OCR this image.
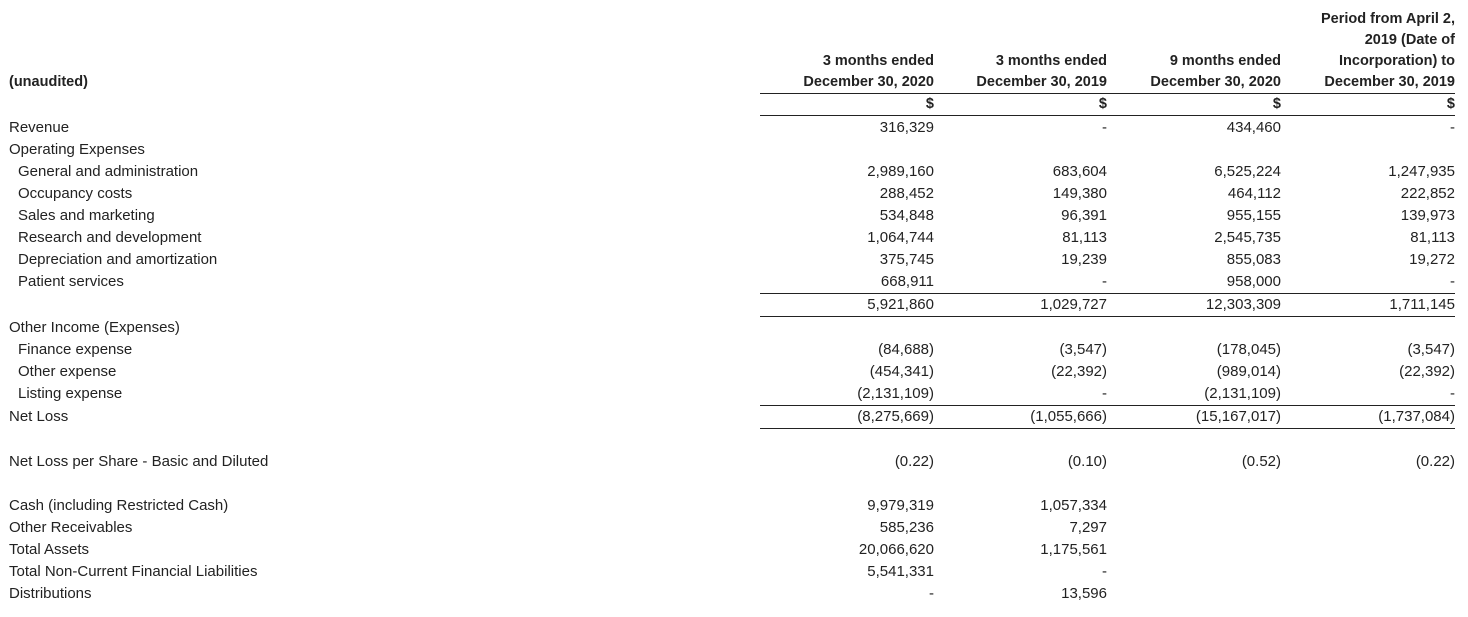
(unaudited)
3 months ended
December 30, 2020
3 months ended
December 30, 2019
9 months ended
December 30, 2020
Period from April 2,
2019 (Date of
Incorporation) to
December 30, 2019
$	$	$	$
Revenue	316,329	-	434,460	-
Operating Expenses
General and administration	2,989,160	683,604	6,525,224	1,247,935
Occupancy costs	288,452	149,380	464,112	222,852
Sales and marketing	534,848	96,391	955,155	139,973
Research and development	1,064,744	81,113	2,545,735	81,113
Depreciation and amortization	375,745	19,239	855,083	19,272
Patient services	668,911	-	958,000	-
5,921,860	1,029,727	12,303,309	1,711,145
Other Income (Expenses)
Finance expense	(84,688)	(3,547)	(178,045)	(3,547)
Other expense	(454,341)	(22,392)	(989,014)	(22,392)
Listing expense	(2,131,109)	-	(2,131,109)	-
Net Loss	(8,275,669)	(1,055,666)	(15,167,017)	(1,737,084)
Net Loss per Share - Basic and Diluted	(0.22)	(0.10)	(0.52)	(0.22)
Cash (including Restricted Cash)	9,979,319	1,057,334
Other Receivables	585,236	7,297
Total Assets	20,066,620	1,175,561
Total Non-Current Financial Liabilities	5,541,331	-
Distributions	-	13,596
